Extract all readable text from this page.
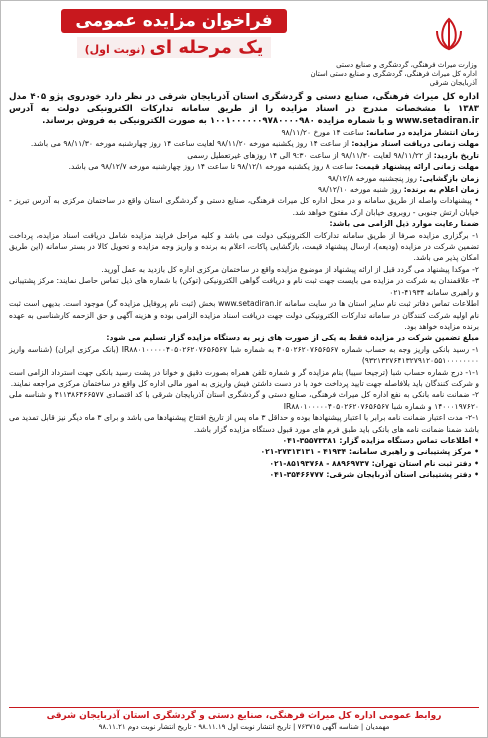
وزارت میراث فرهنگی، گردشگری و صنایع دستی
اداره کل میراث فرهنگی، گردشگری و صنایع دستی استان آذربایجان شرقی
فراخوان مزایده عمومی
یک مرحله ای(نوبت اول)
اداره کل میراث فرهنگی، صنایع دستی و گردشگری استان آذربایجان شرقی در نظر دارد خودروی پژو ۴۰۵ مدل ۱۳۸۳ با مشخصات مندرج در اسناد مزایده را از طریق سامانه تدارکات الکترونیکی دولت به آدرس www.setadiran.ir و با شماره مزایده ۱۰۰۱۰۰۰۰۰۰۹۷۸۰۰۰۰۹۸۰ به صورت الکترونیکی به فروش برساند.

زمان انتشار مزایده در سامانه: ساعت ۱۴ مورخ ۹۸/۱۱/۲۰

مهلت زمانی دریافت اسناد مزایده: از ساعت ۱۴ روز یکشنبه مورخه ۹۸/۱۱/۲۰ لغایت ساعت ۱۴ روز چهارشنبه مورخه ۹۸/۱۱/۳۰ می باشد.

تاریخ بازدید: از ۹۸/۱۱/۲۲ لغایت ۹۸/۱۱/۳۰ از ساعت ۹:۳۰ الی ۱۴ روزهای غیرتعطیل رسمی

مهلت زمانی ارائه پیشنهاد قیمت: ساعت ۸ روز یکشنبه مورخه ۹۸/۱۲/۱ تا ساعت ۱۴ روز چهارشنبه مورخه ۹۸/۱۲/۷ می باشد.

زمان بازگشایی: روز پنجشنبه مورخه ۹۸/۱۲/۸

زمان اعلام به برنده: روز شنبه مورخه ۹۸/۱۲/۱۰

• پیشنهادات واصله از طریق سامانه و در محل اداره کل میراث فرهنگی، صنایع دستی و گردشگری استان واقع در ساختمان مرکزی به آدرس تبریز - خیابان ارتش جنوبی - روبروی خیابان ارک مفتوح خواهد شد.

ضمنا رعایت موارد ذیل الزامی می باشد:

۱- برگزاری مزایده صرفا از طریق سامانه تدارکات الکترونیکی دولت می باشد و کلیه مراحل فرایند مزایده شامل دریافت اسناد مزایده، پرداخت تضمین شرکت در مزایده (ودیعه)، ارسال پیشنهاد قیمت، بازگشایی پاکات، اعلام به برنده و واریز وجه مزایده و تحویل کالا در بستر سامانه (این طریق امکان پذیر می باشد.

۲- موکدا پیشنهاد می گردد قبل از ارائه پیشنهاد از موضوع مزایده واقع در ساختمان مرکزی اداره کل بازدید به عمل آورید.

۳- علاقمندان به شرکت در مزایده می بایست جهت ثبت نام و دریافت گواهی الکترونیکی (توکن) با شماره های ذیل تماس حاصل نمایند: مرکز پشتیبانی و راهبری سامانه ۴۱۹۳۴-۰۲۱

اطلاعات تماس دفاتر ثبت نام سایر استان ها در سایت سامانه www.setadiran.ir بخش (ثبت نام پروفایل مزایده گر) موجود است. بدیهی است ثبت نام اولیه شرکت کنندگان در سامانه تدارکات الکترونیکی دولت جهت دریافت اسناد مزایده الزامی بوده و هزینه آگهی و حق الزحمه کارشناسی به عهده برنده مزایده خواهد بود.

مبلغ تضمین شرکت در مزایده فقط به یکی از صورت های زیر به دستگاه مزایده گزار تسلیم می شود:

۱- رسید بانکی واریز وجه به حساب شماره ۴۰۵۰۲۶۲۰۷۶۵۶۵۶۷ به شماره شبا IR۸۸۰۱۰۰۰۰۰۴۰۵۰۲۶۲۰۷۶۵۶۵۶۷ (بانک مرکزی ایران) (شناسه واریز ۹۳۲۱۳۲۷۶۴۱۳۲۷۹۱۲۰۵۵۱۰۰۰۰۰۰۰۰)

۱-۱- درج شماره حساب شبا (ترجیحا سیبا) بنام مزایده گر و شماره تلفن همراه بصورت دقیق و خوانا در پشت رسید بانکی جهت استرداد الزامی است و شرکت کنندگان باید بلافاصله جهت تایید پرداخت خود با در دست داشتن فیش واریزی به امور مالی اداره کل واقع در ساختمان مرکزی مراجعه نمایند.

۲- ضمانت نامه بانکی به نفع اداره کل میراث فرهنگی، صنایع دستی و گردشگری استان آذربایجان شرقی با کد اقتصادی ۴۱۱۳۸۶۴۶۶۵۷۷ و شناسه ملی ۱۴۰۰۰۱۹۷۶۲۰ و شماره شبا IR۸۸۰۱۰۰۰۰۰۴۰۵۰۲۶۲۰۷۶۵۶۵۶۷

۲-۱- مدت اعتبار ضمانت نامه برابر با اعتبار پیشنهادها بوده و حداقل ۳ ماه پس از تاریخ افتتاح پیشنهادها می باشد و برای ۳ ماه دیگر نیز قابل تمدید می باشد ضمنا ضمانت نامه های بانکی باید طبق فرم های مورد قبول دستگاه مزایده گزار باشد.

• اطلاعات تماس دستگاه مزایده گزار: ۳۵۵۷۳۳۸۱-۰۴۱

• مرکز پشتیبانی و راهبری سامانه: ۴۱۹۳۴ - ۲۷۳۱۳۱۳۱-۰۲۱

• دفتر ثبت نام استان تهران: ۸۸۹۶۹۷۳۷ - ۸۵۱۹۳۷۶۸-۰۲۱

• دفتر پشتیبانی استان آذربایجان شرقی: ۳۵۴۶۶۷۷۷-۰۴۱

روابط عمومی اداره کل میراث فرهنگی، صنایع دستی و گردشگری استان آذربایجان شرقی
مهمدیان | شناسه آگهی ۷۶۳۷۱۵ | تاریخ انتشار نوبت اول ۹۸.۱۱.۱۹ - تاریخ انتشار نوبت دوم ۹۸.۱۱.۲۱
